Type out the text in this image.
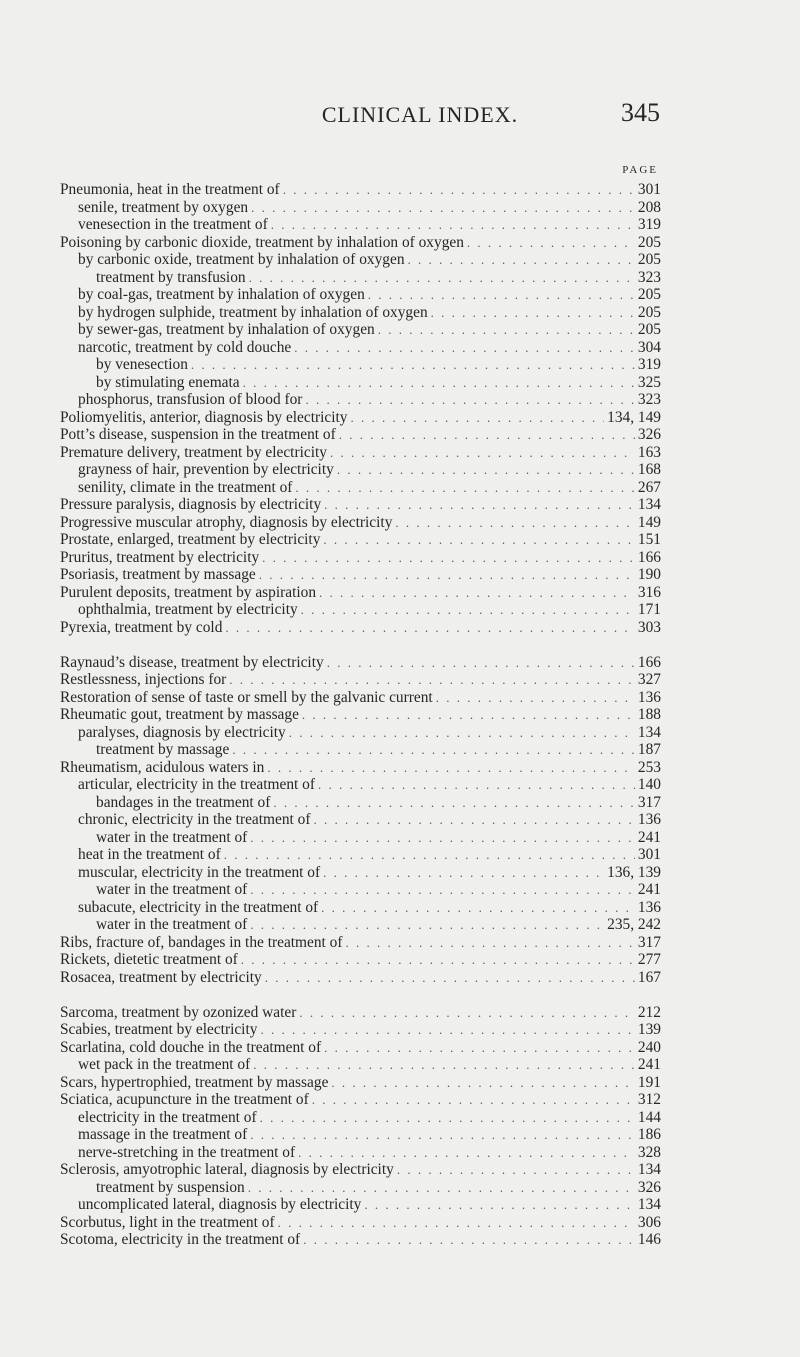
CLINICAL INDEX.	345
PAGE
Pneumonia, heat in the treatment of . . .	301
senile, treatment by oxygen . . .	208
venesection in the treatment of . . .	319
Poisoning by carbonic dioxide, treatment by inhalation of oxygen . . .	205
by carbonic oxide, treatment by inhalation of oxygen . . .	205
treatment by transfusion . . .	323
by coal-gas, treatment by inhalation of oxygen . . .	205
by hydrogen sulphide, treatment by inhalation of oxygen . . .	205
by sewer-gas, treatment by inhalation of oxygen . . .	205
narcotic, treatment by cold douche . . .	304
by venesection . . .	319
by stimulating enemata . . .	325
phosphorus, transfusion of blood for . . .	323
Poliomyelitis, anterior, diagnosis by electricity . . .	134, 149
Pott’s disease, suspension in the treatment of . . .	326
Premature delivery, treatment by electricity . . .	163
grayness of hair, prevention by electricity . . .	168
senility, climate in the treatment of . . .	267
Pressure paralysis, diagnosis by electricity . . .	134
Progressive muscular atrophy, diagnosis by electricity . . .	149
Prostate, enlarged, treatment by electricity . . .	151
Pruritus, treatment by electricity . . .	166
Psoriasis, treatment by massage . . .	190
Purulent deposits, treatment by aspiration . . .	316
ophthalmia, treatment by electricity . . .	171
Pyrexia, treatment by cold . . .	303
Raynaud’s disease, treatment by electricity . . .	166
Restlessness, injections for . . .	327
Restoration of sense of taste or smell by the galvanic current . . .	136
Rheumatic gout, treatment by massage . . .	188
paralyses, diagnosis by electricity . . .	134
treatment by massage . . .	187
Rheumatism, acidulous waters in . . .	253
articular, electricity in the treatment of . . .	140
bandages in the treatment of . . .	317
chronic, electricity in the treatment of . . .	136
water in the treatment of . . .	241
heat in the treatment of . . .	301
muscular, electricity in the treatment of . . .	136, 139
water in the treatment of . . .	241
subacute, electricity in the treatment of . . .	136
water in the treatment of . . .	235, 242
Ribs, fracture of, bandages in the treatment of . . .	317
Rickets, dietetic treatment of . . .	277
Rosacea, treatment by electricity . . .	167
Sarcoma, treatment by ozonized water . . .	212
Scabies, treatment by electricity . . .	139
Scarlatina, cold douche in the treatment of . . .	240
wet pack in the treatment of . . .	241
Scars, hypertrophied, treatment by massage . . .	191
Sciatica, acupuncture in the treatment of . . .	312
electricity in the treatment of . . .	144
massage in the treatment of . . .	186
nerve-stretching in the treatment of . . .	328
Sclerosis, amyotrophic lateral, diagnosis by electricity . . .	134
treatment by suspension . . .	326
uncomplicated lateral, diagnosis by electricity . . .	134
Scorbutus, light in the treatment of . . .	306
Scotoma, electricity in the treatment of . . .	146
